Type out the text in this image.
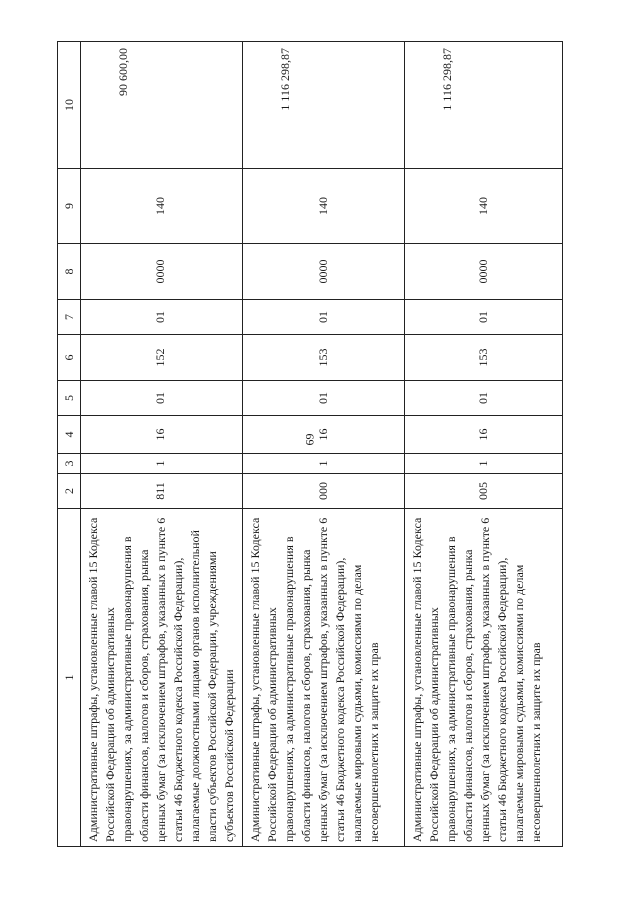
69
1	2	3	4	5	6	7	8	9	10
Административные штрафы, установленные главой 15 Кодекса Российской Федерации об административных правонарушениях, за административные правонарушения в области финансов, налогов и сборов, страхования, рынка ценных бумаг (за исключением штрафов, указанных в пункте 6 статьи 46 Бюджетного кодекса Российской Федерации), налагаемые должностными лицами органов исполнительной власти субъектов Российской Федерации, учреждениями субъектов Российской Федерации	811	1	16	01	152	01	0000	140	90 600,00
Административные штрафы, установленные главой 15 Кодекса Российской Федерации об административных правонарушениях, за административные правонарушения в области финансов, налогов и сборов, страхования, рынка ценных бумаг (за исключением штрафов, указанных в пункте 6 статьи 46 Бюджетного кодекса Российской Федерации), налагаемые мировыми судьями, комиссиями по делам несовершеннолетних и защите их прав	000	1	16	01	153	01	0000	140	1 116 298,87
Административные штрафы, установленные главой 15 Кодекса Российской Федерации об административных правонарушениях, за административные правонарушения в области финансов, налогов и сборов, страхования, рынка ценных бумаг (за исключением штрафов, указанных в пункте 6 статьи 46 Бюджетного кодекса Российской Федерации), налагаемые мировыми судьями, комиссиями по делам несовершеннолетних и защите их прав	005	1	16	01	153	01	0000	140	1 116 298,87
